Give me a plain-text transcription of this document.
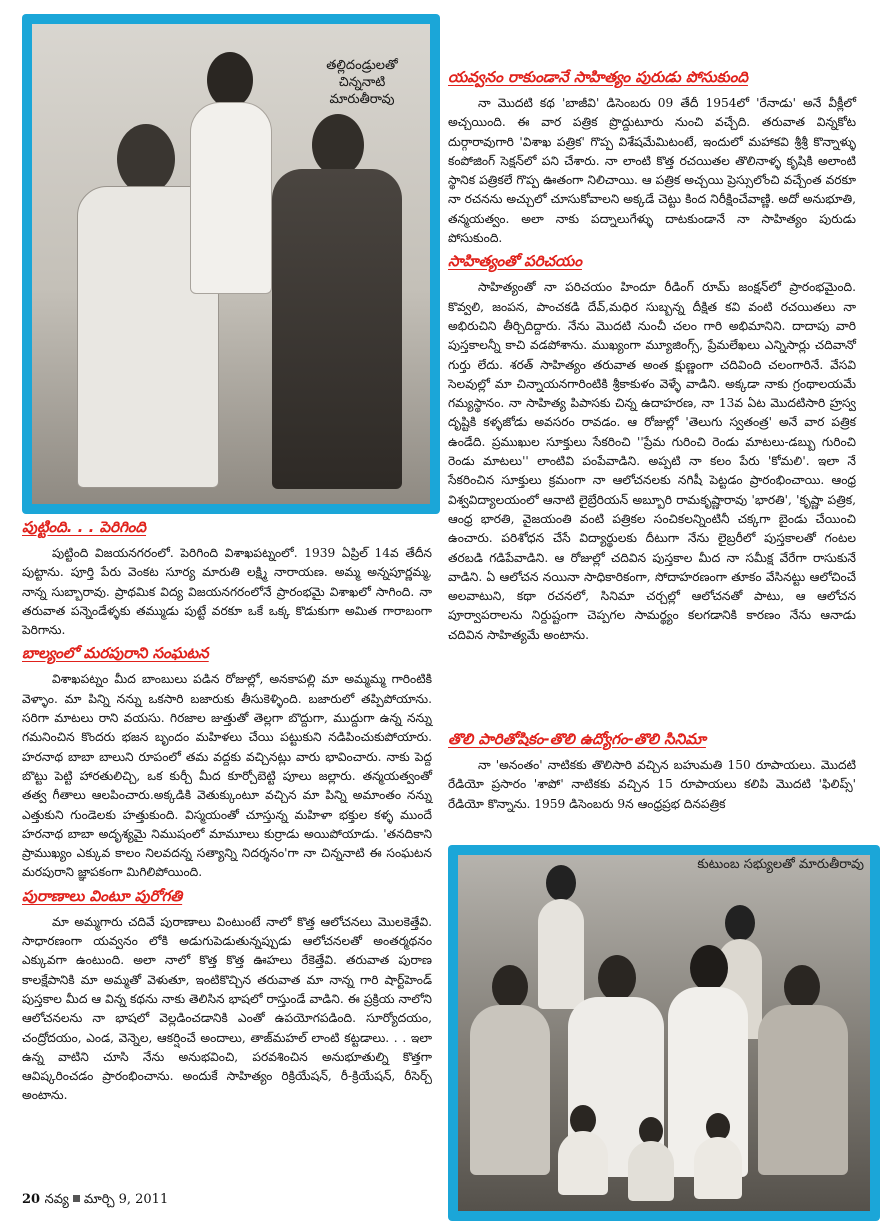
తల్లిదండ్రులతో చిన్ననాటి
మారుతీరావు
యవ్వనం రాకుండానే సాహిత్యం పురుడు పోసుకుంది

నా మొదటి కథ 'బాజీవి' డిసెంబరు 09 తేదీ 1954లో 'రేనాడు' అనే వీక్లీలో అచ్చయింది. ఈ వార పత్రిక ప్రొద్దుటూరు నుంచి వచ్చేది. తరువాత విన్నకోట దుర్గారావుగారి 'విశాఖ పత్రిక' గొప్ప విశేషమేమిటంటే, ఇందులో మహాకవి శ్రీశ్రీ కొన్నాళ్ళు కంపోజింగ్ సెక్షన్‌లో పని చేశారు. నా లాంటి కొత్త రచయితల తొలినాళ్ళ కృషికి అలాంటి స్థానిక పత్రికలే గొప్ప ఊతంగా నిలిచాయి. ఆ పత్రిక అచ్చయి ప్రెస్సులోంచి వచ్చేంత వరకూ నా రచనను అచ్చులో చూసుకోవాలని అక్కడే చెట్టు కింద నిరీక్షించేవాణ్ణి. అదో అనుభూతి, తన్మయత్వం. అలా నాకు పద్నాలుగేళ్ళు దాటకుండానే నా సాహిత్యం పురుడు పోసుకుంది.

సాహిత్యంతో పరిచయం

సాహిత్యంతో నా పరిచయం హిందూ రీడింగ్ రూమ్ జంక్షన్‌లో ప్రారంభమైంది. కొవ్వలి, జంపన, పాంచకడి దేవ్,మధిర సుబ్బన్న దీక్షిత కవి వంటి రచయితలు నా అభిరుచిని తీర్చిదిద్దారు. నేను మొదటి నుంచీ చలం గారి అభిమానిని. దాదాపు వారి పుస్తకాలన్నీ కాచి వడపోశాను. ముఖ్యంగా మ్యూజింగ్స్, ప్రేమలేఖలు ఎన్నిసార్లు చదివానో గుర్తు లేదు. శరత్ సాహిత్యం తరువాత అంత క్షుణ్ణంగా చదివింది చలంగారినే. వేసవి సెలవుల్లో మా చిన్నాయనగారింటికి శ్రీకాకుళం వెళ్ళే వాడిని. అక్కడా నాకు గ్రంథాలయమే గమ్యస్థానం. నా సాహిత్య పిపాసకు చిన్న ఉదాహరణ, నా 13వ ఏట మొదటిసారి హ్రస్వ దృష్టికి కళ్ళజోడు అవసరం రావడం. ఆ రోజుల్లో 'తెలుగు స్వతంత్ర' అనే వార పత్రిక ఉండేది. ప్రముఖుల సూక్తులు సేకరించి ''ప్రేమ గురించి రెండు మాటలు-డబ్బు గురించి రెండు మాటలు'' లాంటివి పంపేవాడిని. అప్పటి నా కలం పేరు 'కోమలి'. ఇలా నే సేకరించిన సూక్తులు క్రమంగా నా ఆలోచనలకు నగిషీ పెట్టడం ప్రారంభించాయి. ఆంధ్ర విశ్వవిద్యాలయంలో ఆనాటి లైబ్రేరియన్ అబ్బూరి రామకృష్ణారావు 'భారతి', 'కృష్ణా పత్రిక, ఆంధ్ర భారతి, వైజయంతి వంటి పత్రికల సంచికలన్నింటినీ చక్కగా బైండు చేయించి ఉంచారు. పరిశోధన చేసే విద్యార్థులకు దీటుగా నేను లైబ్రరీలో పుస్తకాలతో గంటల తరబడి గడిపేవాడిని. ఆ రోజుల్లో చదివిన పుస్తకాల మీద నా సమీక్ష వేరేగా రాసుకునే వాడిని. ఏ ఆలోచన నయినా సాధికారికంగా, సోదాహరణంగా తూకం వేసినట్టు ఆలోచించే అలవాటుని, కథా రచనలో, సినిమా చర్చల్లో ఆలోచనతో పాటు, ఆ ఆలోచన పూర్వాపరాలను నిర్దుష్టంగా చెప్పగల సామర్థ్యం కలగడానికి కారణం నేను ఆనాడు చదివిన సాహిత్యమే అంటాను.

తొలి పారితోషికం-తొలి ఉద్యోగం-తొలి సినిమా

నా 'అనంతం' నాటికకు తొలిసారి వచ్చిన బహుమతి 150 రూపాయలు. మొదటి రేడియో ప్రసారం 'శాపో' నాటికకు వచ్చిన 15 రూపాయలు కలిపి మొదటి 'ఫిలిప్స్' రేడియో కొన్నాను. 1959 డిసెంబరు 9న ఆంధ్రప్రభ దినపత్రిక

పుట్టింది. . . పెరిగింది

పుట్టింది విజయనగరంలో. పెరిగింది విశాఖపట్నంలో. 1939 ఏప్రిల్ 14వ తేదీన పుట్టాను. పూర్తి పేరు వెంకట సూర్య మారుతి లక్ష్మి నారాయణ. అమ్మ అన్నపూర్ణమ్మ, నాన్న సుబ్బారావు. ప్రాథమిక విద్య విజయనగరంలోనే ప్రారంభమై విశాఖలో సాగింది. నా తరువాత పన్నెండేళ్ళకు తమ్ముడు పుట్టే వరకూ ఒకే ఒక్క కొడుకుగా అమిత గారాబంగా పెరిగాను.

బాల్యంలో మరపురాని సంఘటన

విశాఖపట్నం మీద బాంబులు పడిన రోజుల్లో, అనకాపల్లి మా అమ్మమ్మ గారింటికి వెళ్ళాం. మా పిన్ని నన్ను ఒకసారి బజారుకు తీసుకెళ్ళింది. బజారులో తప్పిపోయాను. సరిగా మాటలు రాని వయసు. గిరజాల జుత్తుతో తెల్లగా బొద్దుగా, ముద్దుగా ఉన్న నన్ను గమనించిన కొందరు భజన బృందం మహిళలు చేయి పట్టుకుని నడిపించుకుపోయారు. హరనాథ బాబా బాలుని రూపంలో తమ వద్దకు వచ్చినట్లు వారు భావించారు. నాకు పెద్ద బొట్టు పెట్టి హారతులిచ్చి, ఒక కుర్చీ మీద కూర్చోబెట్టి పూలు జల్లారు. తన్మయత్వంతో తత్వ గీతాలు ఆలపించారు.అక్కడికి వెతుక్కుంటూ వచ్చిన మా పిన్ని అమాంతం నన్ను ఎత్తుకుని గుండెలకు హత్తుకుంది. విస్మయంతో చూస్తున్న మహిళా భక్తుల కళ్ళ ముందే హరనాథ బాబా అదృశ్యమై నిముషంలో మామూలు కుర్రాడు అయిపోయాడు. 'తనదికాని ప్రాముఖ్యం ఎక్కువ కాలం నిలవదన్న సత్యాన్ని నిదర్శనం'గా నా చిన్ననాటి ఈ సంఘటన మరపురాని జ్ఞాపకంగా మిగిలిపోయింది.

పురాణాలు వింటూ పురోగతి

మా అమ్మగారు చదివే పురాణాలు వింటుంటే నాలో కొత్త ఆలోచనలు మొలకెత్తేవి. సాధారణంగా యవ్వనం లోకి అడుగుపెడుతున్నప్పుడు ఆలోచనలతో అంతర్మథనం ఎక్కువగా ఉంటుంది. అలా నాలో కొత్త కొత్త ఊహలు రేకెత్తేవి. తరువాత పురాణ కాలక్షేపానికి మా అమ్మతో వెళుతూ, ఇంటికొచ్చిన తరువాత మా నాన్న గారి షార్ట్‌హెండ్ పుస్తకాల మీద ఆ విన్న కథను నాకు తెలిసిన భాషలో రాస్తుండే వాడిని. ఈ ప్రక్రియ నాలోని ఆలోచనలను నా భాషలో వెల్లడించడానికి ఎంతో ఉపయోగపడింది. సూర్యోదయం, చంద్రోదయం, ఎండ, వెన్నెల, ఆకర్షించే అందాలు, తాజ్‌మహల్ లాంటి కట్టడాలు. . . ఇలా ఉన్న వాటిని చూసి నేను అనుభవించి, పరవశించిన అనుభూతుల్ని కొత్తగా ఆవిష్కరించడం ప్రారంభించాను. అందుకే సాహిత్యం రిక్రియేషన్, రీ-క్రియేషన్, రీసెర్చ్ అంటాను.

కుటుంబ సభ్యులతో మారుతీరావు
20 నవ్య మార్చి 9, 2011
